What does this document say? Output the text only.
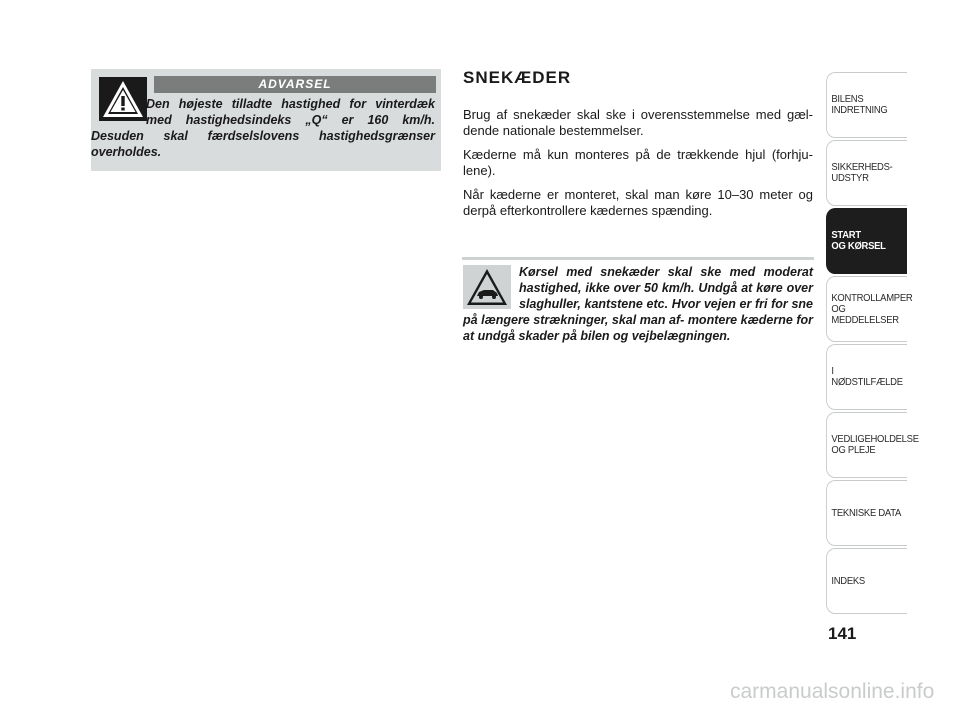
ADVARSEL
Den højeste tilladte hastighed for vinterdæk med hastighedsindeks „Q“ er 160 km/h. Desuden skal færdselslovens hastighedsgrænser overholdes.
SNEKÆDER

Brug af snekæder skal ske i overensstemmelse med gæl- dende nationale bestemmelser.

Kæderne må kun monteres på de trækkende hjul (forhju- lene).

Når kæderne er monteret, skal man køre 10–30 meter og derpå efterkontrollere kædernes spænding.

Kørsel med snekæder skal ske med moderat hastighed, ikke over 50 km/h. Undgå at køre over slaghuller, kantstene etc. Hvor vejen er fri for sne på længere strækninger, skal man af- montere kæderne for at undgå skader på bilen og vejbelægningen.
BILENS
INDRETNING
SIKKERHEDS-
UDSTYR
START
OG KØRSEL
KONTROLLAMPER
OG MEDDELELSER
I NØDSTILFÆLDE
VEDLIGEHOLDELSE
OG PLEJE
TEKNISKE DATA
INDEKS
141
carmanualsonline.info
